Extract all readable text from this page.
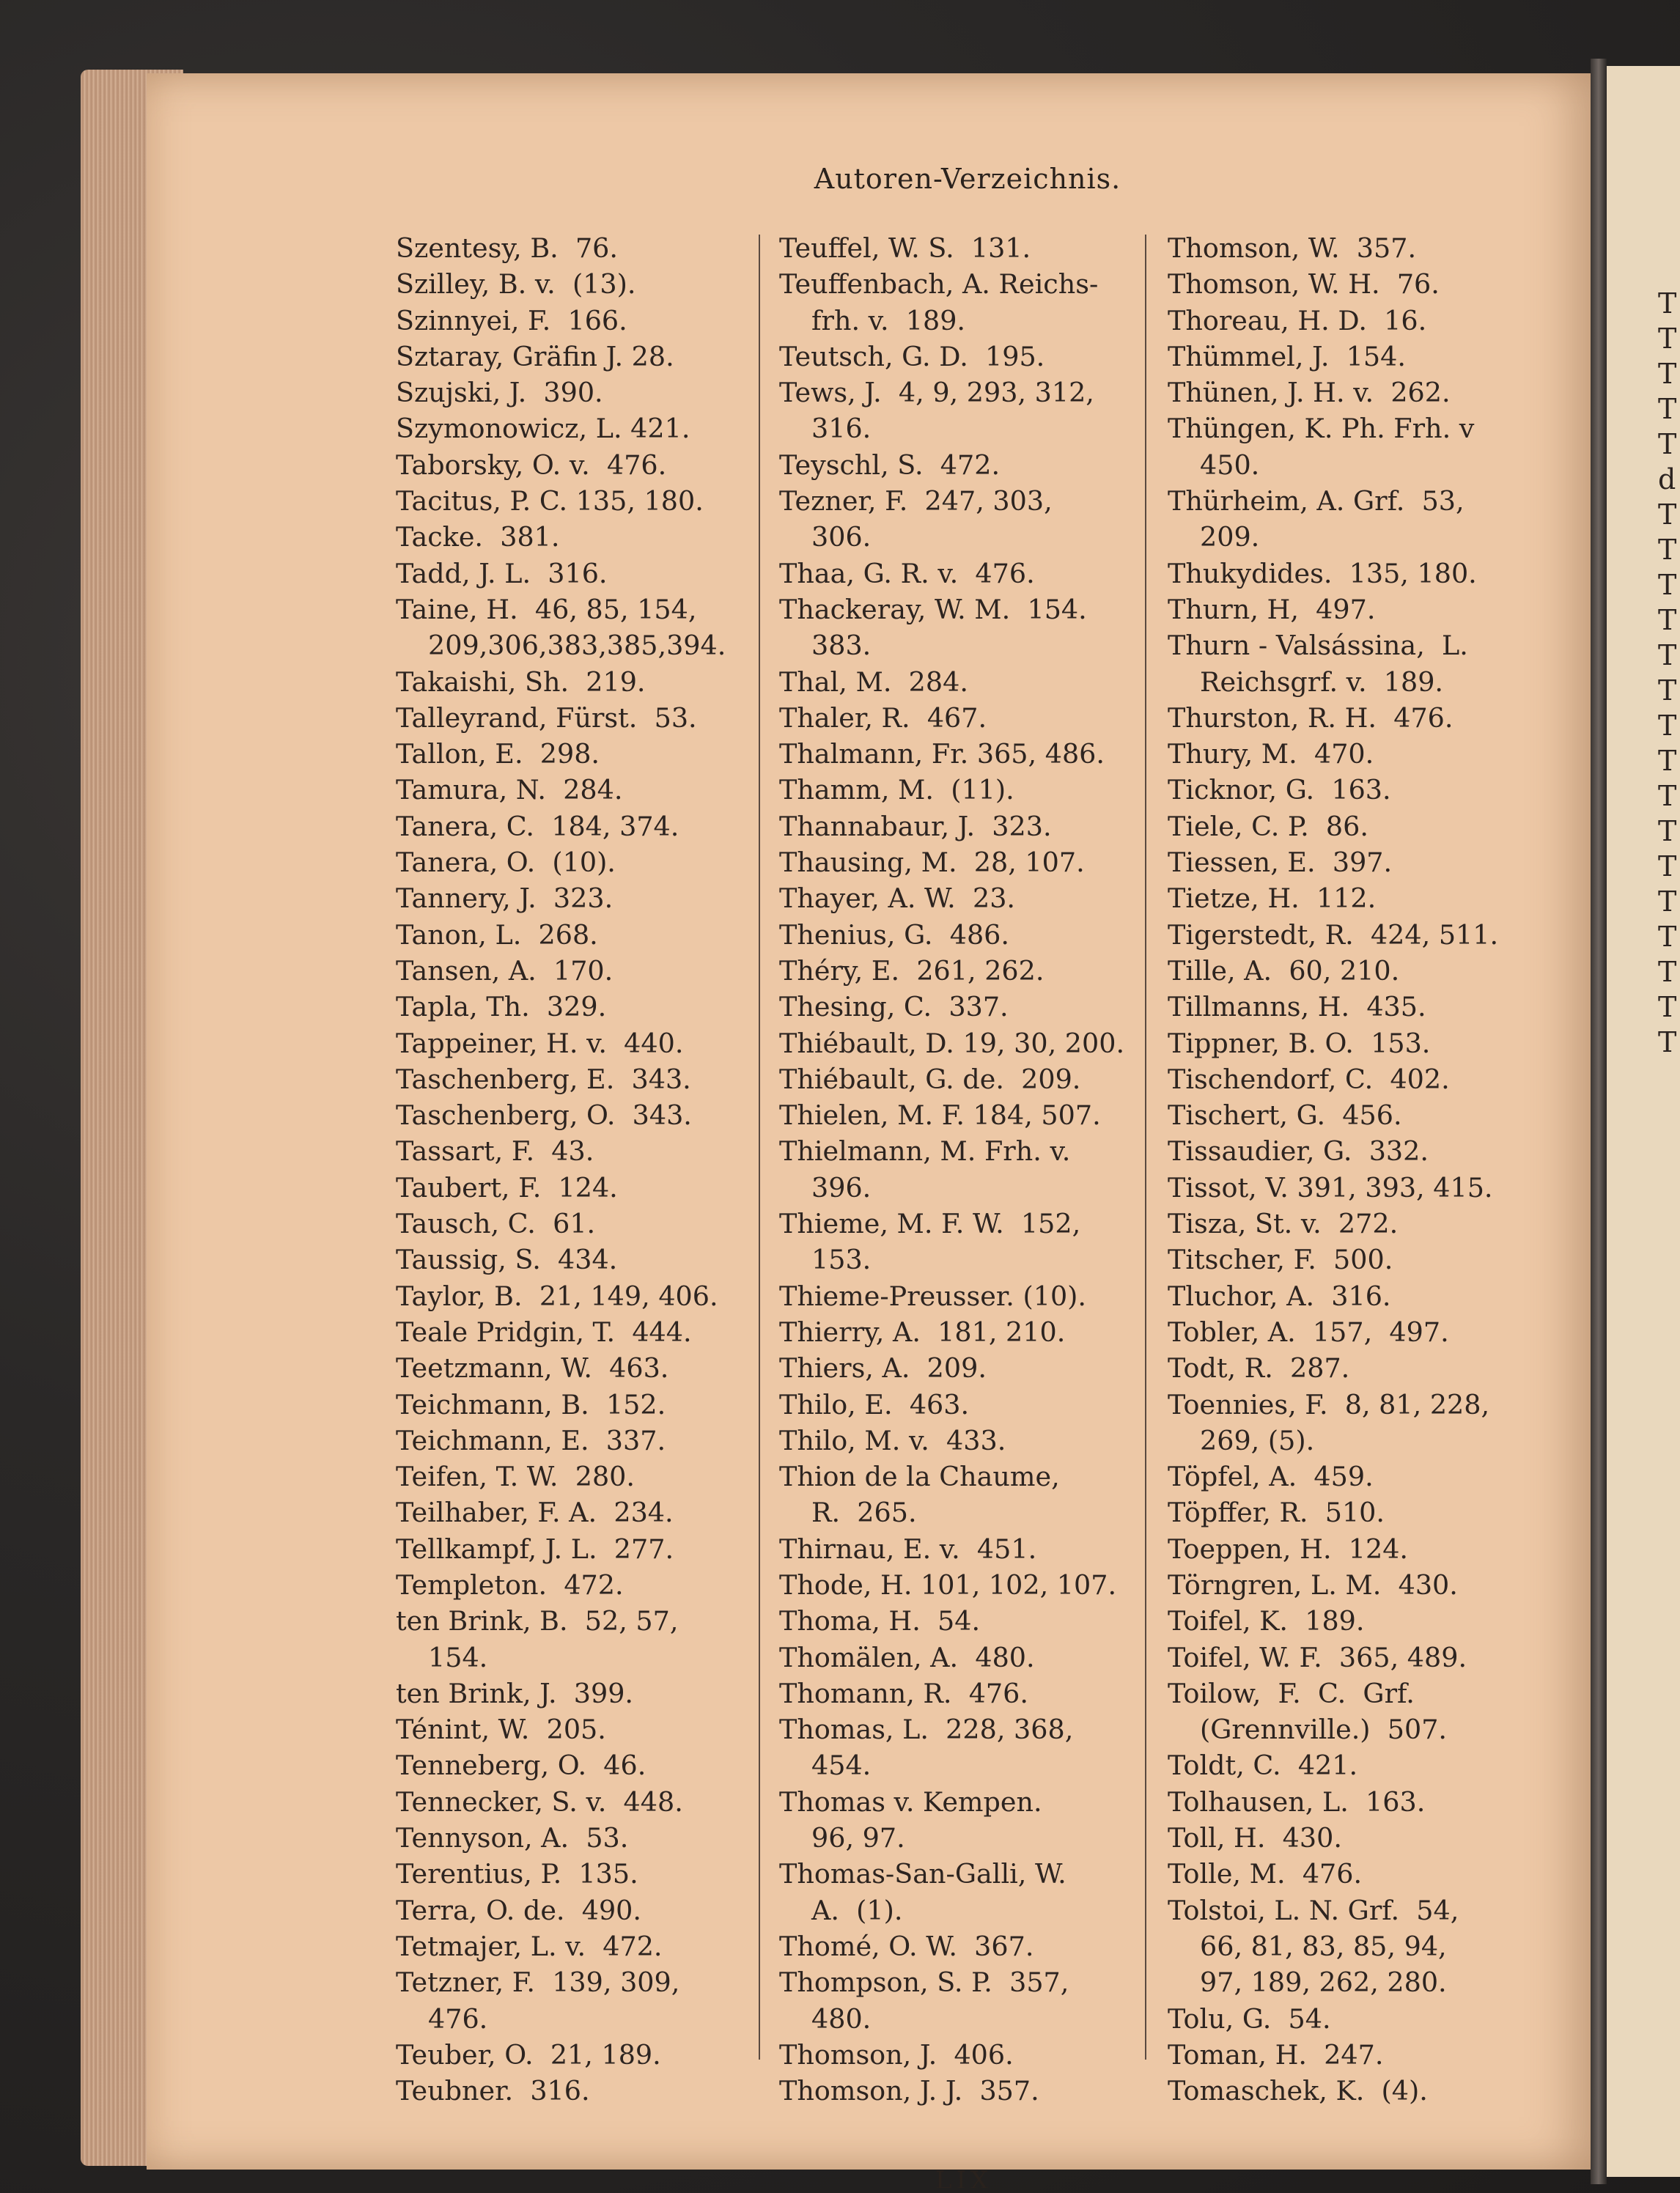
T
T
T
T
T
d
T
T
T
T
T
T
T
T
T
T
T
T
T
T
T
T
Autoren-Verzeichnis.
Szentesy, B.  76.
Szilley, B. v.  (13).
Szinnyei, F.  166.
Sztaray, Gräfin J. 28.
Szujski, J.  390.
Szymonowicz, L. 421.
Taborsky, O. v.  476.
Tacitus, P. C. 135, 180.
Tacke.  381.
Tadd, J. L.  316.
Taine, H.  46, 85, 154,
209,306,383,385,394.
Takaishi, Sh.  219.
Talleyrand, Fürst.  53.
Tallon, E.  298.
Tamura, N.  284.
Tanera, C.  184, 374.
Tanera, O.  (10).
Tannery, J.  323.
Tanon, L.  268.
Tansen, A.  170.
Tapla, Th.  329.
Tappeiner, H. v.  440.
Taschenberg, E.  343.
Taschenberg, O.  343.
Tassart, F.  43.
Taubert, F.  124.
Tausch, C.  61.
Taussig, S.  434.
Taylor, B.  21, 149, 406.
Teale Pridgin, T.  444.
Teetzmann, W.  463.
Teichmann, B.  152.
Teichmann, E.  337.
Teifen, T. W.  280.
Teilhaber, F. A.  234.
Tellkampf, J. L.  277.
Templeton.  472.
ten Brink, B.  52, 57,
154.
ten Brink, J.  399.
Ténint, W.  205.
Tenneberg, O.  46.
Tennecker, S. v.  448.
Tennyson, A.  53.
Terentius, P.  135.
Terra, O. de.  490.
Tetmajer, L. v.  472.
Tetzner, F.  139, 309,
476.
Teuber, O.  21, 189.
Teubner.  316.
Teuffel, W. S.  131.
Teuffenbach, A. Reichs-
frh. v.  189.
Teutsch, G. D.  195.
Tews, J.  4, 9, 293, 312,
316.
Teyschl, S.  472.
Tezner, F.  247, 303,
306.
Thaa, G. R. v.  476.
Thackeray, W. M.  154.
383.
Thal, M.  284.
Thaler, R.  467.
Thalmann, Fr. 365, 486.
Thamm, M.  (11).
Thannabaur, J.  323.
Thausing, M.  28, 107.
Thayer, A. W.  23.
Thenius, G.  486.
Théry, E.  261, 262.
Thesing, C.  337.
Thiébault, D. 19, 30, 200.
Thiébault, G. de.  209.
Thielen, M. F. 184, 507.
Thielmann, M. Frh. v.
396.
Thieme, M. F. W.  152,
153.
Thieme-Preusser. (10).
Thierry, A.  181, 210.
Thiers, A.  209.
Thilo, E.  463.
Thilo, M. v.  433.
Thion de la Chaume,
R.  265.
Thirnau, E. v.  451.
Thode, H. 101, 102, 107.
Thoma, H.  54.
Thomälen, A.  480.
Thomann, R.  476.
Thomas, L.  228, 368,
454.
Thomas v. Kempen.
96, 97.
Thomas-San-Galli, W.
A.  (1).
Thomé, O. W.  367.
Thompson, S. P.  357,
480.
Thomson, J.  406.
Thomson, J. J.  357.
Thomson, W.  357.
Thomson, W. H.  76.
Thoreau, H. D.  16.
Thümmel, J.  154.
Thünen, J. H. v.  262.
Thüngen, K. Ph. Frh. v
450.
Thürheim, A. Grf.  53,
209.
Thukydides.  135, 180.
Thurn, H,  497.
Thurn - Valsássina,  L.
Reichsgrf. v.  189.
Thurston, R. H.  476.
Thury, M.  470.
Ticknor, G.  163.
Tiele, C. P.  86.
Tiessen, E.  397.
Tietze, H.  112.
Tigerstedt, R.  424, 511.
Tille, A.  60, 210.
Tillmanns, H.  435.
Tippner, B. O.  153.
Tischendorf, C.  402.
Tischert, G.  456.
Tissaudier, G.  332.
Tissot, V. 391, 393, 415.
Tisza, St. v.  272.
Titscher, F.  500.
Tluchor, A.  316.
Tobler, A.  157,  497.
Todt, R.  287.
Toennies, F.  8, 81, 228,
269, (5).
Töpfel, A.  459.
Töpffer, R.  510.
Toeppen, H.  124.
Törngren, L. M.  430.
Toifel, K.  189.
Toifel, W. F.  365, 489.
Toilow,  F.  C.  Grf.
(Grennville.)  507.
Toldt, C.  421.
Tolhausen, L.  163.
Toll, H.  430.
Tolle, M.  476.
Tolstoi, L. N. Grf.  54,
66, 81, 83, 85, 94,
97, 189, 262, 280.
Tolu, G.  54.
Toman, H.  247.
Tomaschek, K.  (4).
LIX
